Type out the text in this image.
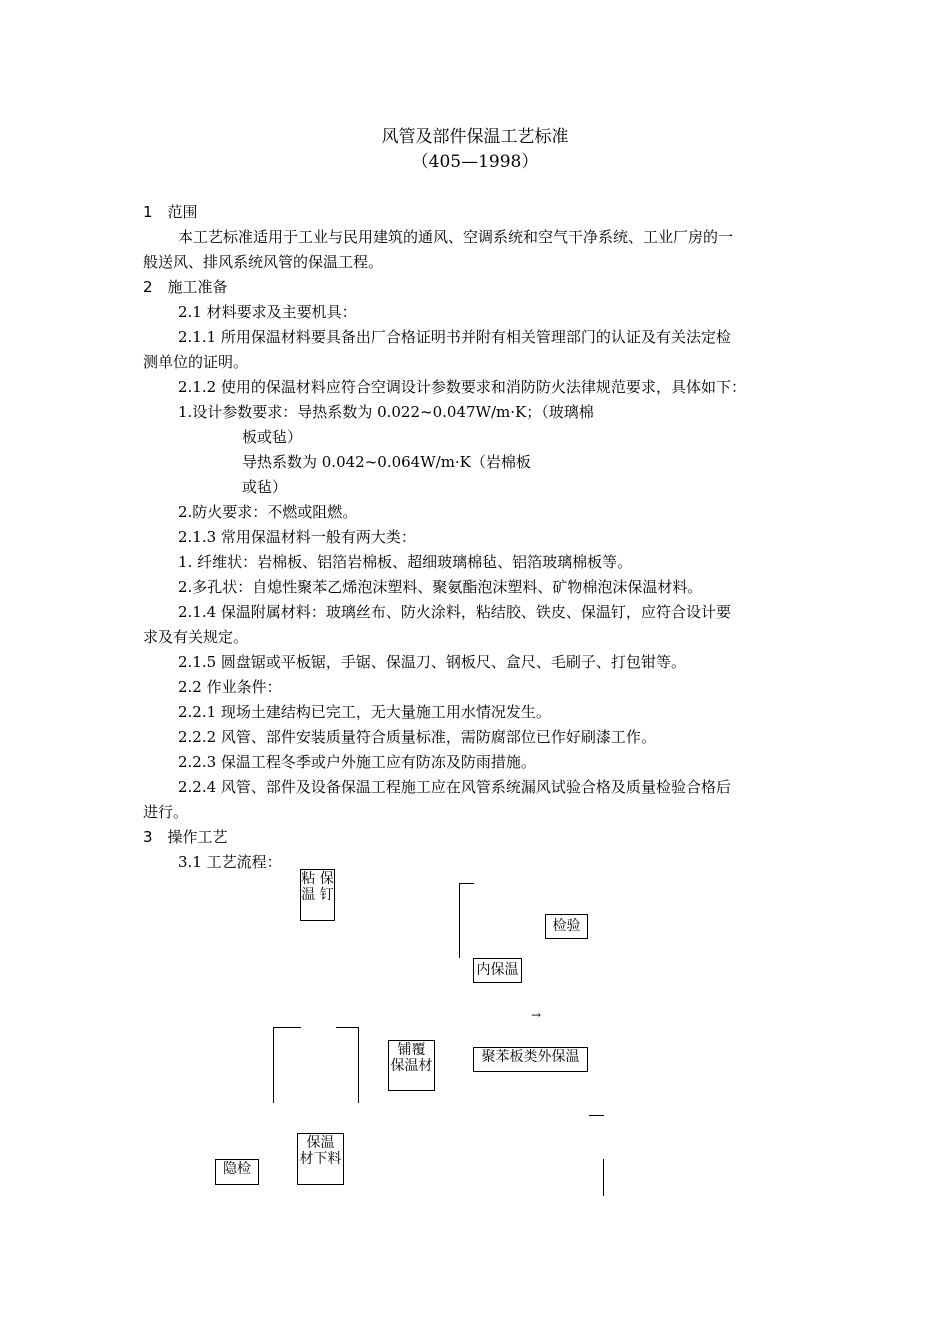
风管及部件保温工艺标准
（405—1998）
1　范围
本工艺标准适用于工业与民用建筑的通风、空调系统和空气干净系统、工业厂房的一
般送风、排风系统风管的保温工程。
2　施工准备
2.1 材料要求及主要机具：
2.1.1 所用保温材料要具备出厂合格证明书并附有相关管理部门的认证及有关法定检
测单位的证明。
2.1.2 使用的保温材料应符合空调设计参数要求和消防防火法律规范要求，具体如下：
1.设计参数要求：导热系数为 0.022~0.047W/m·K；（玻璃棉
板或毡）
导热系数为 0.042~0.064W/m·K（岩棉板
或毡）
2.防火要求：不燃或阻燃。
2.1.3 常用保温材料一般有两大类：
1. 纤维状：岩棉板、铝箔岩棉板、超细玻璃棉毡、铝箔玻璃棉板等。
2.多孔状：自熄性聚苯乙烯泡沫塑料、聚氨酯泡沫塑料、矿物棉泡沫保温材料。
2.1.4 保温附属材料：玻璃丝布、防火涂料，粘结胶、铁皮、保温钉，应符合设计要
求及有关规定。
2.1.5 圆盘锯或平板锯，手锯、保温刀、钢板尺、盒尺、毛刷子、打包钳等。
2.2 作业条件：
2.2.1 现场土建结构已完工，无大量施工用水情况发生。
2.2.2 风管、部件安装质量符合质量标准，需防腐部位已作好刷漆工作。
2.2.3 保温工程冬季或户外施工应有防冻及防雨措施。
2.2.4 风管、部件及设备保温工程施工应在风管系统漏风试验合格及质量检验合格后
进行。
3　操作工艺
3.1 工艺流程：
粘 保
温 钉
检验
内保温
→
铺覆
保温材
聚苯板类外保温
保温
材下料
隐检
